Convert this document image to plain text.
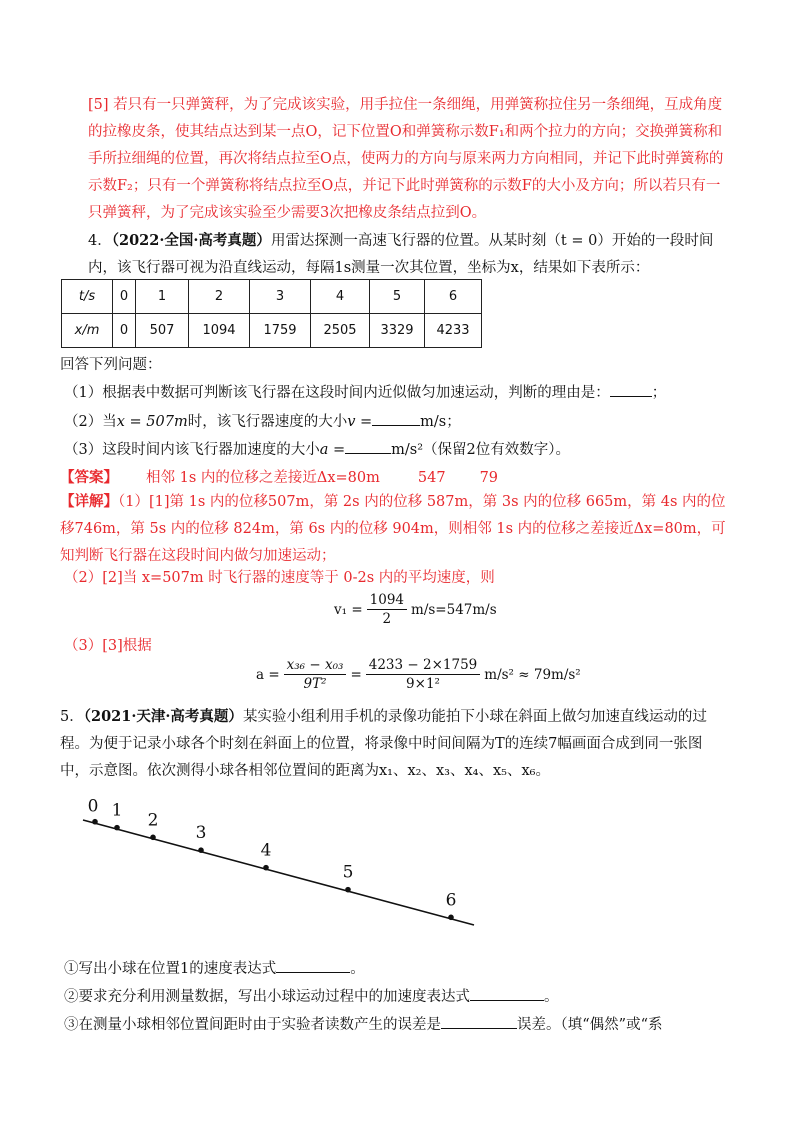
[5] 若只有一只弹簧秤，为了完成该实验，用手拉住一条细绳，用弹簧称拉住另一条细绳，互成角度的拉橡皮条，使其结点达到某一点O，记下位置O和弹簧称示数F₁和两个拉力的方向；交换弹簧称和手所拉细绳的位置，再次将结点拉至O点，使两力的方向与原来两力方向相同，并记下此时弹簧称的示数F₂；只有一个弹簧称将结点拉至O点，并记下此时弹簧称的示数F的大小及方向；所以若只有一只弹簧秤，为了完成该实验至少需要3次把橡皮条结点拉到O。
4．（2022·全国·高考真题）用雷达探测一高速飞行器的位置。从某时刻（t = 0）开始的一段时间内，该飞行器可视为沿直线运动，每隔1s测量一次其位置，坐标为x，结果如下表所示：
t/s	0	1	2	3	4	5	6
x/m	0	507	1094	1759	2505	3329	4233
回答下列问题：
（1）根据表中数据可判断该飞行器在这段时间内近似做匀加速运动，判断的理由是：	；
（2）当x = 507m时，该飞行器速度的大小v =	m/s；
（3）这段时间内该飞行器加速度的大小a =	m/s²（保留2位有效数字）。
【答案】 相邻 1s 内的位移之差接近Δx=80m	547 79
【详解】（1）[1]第 1s 内的位移507m，第 2s 内的位移 587m，第 3s 内的位移 665m，第 4s 内的位移746m，第 5s 内的位移 824m，第 6s 内的位移 904m，则相邻 1s 内的位移之差接近Δx=80m，可知判断飞行器在这段时间内做匀加速运动；
（2）[2]当 x=507m 时飞行器的速度等于 0-2s 内的平均速度，则
$v_1 = \frac{1094}{2} m/s=547m/s$
（3）[3]根据
$a = \frac{\text{x₃₆ − x₀₃}}{\text{9T²}} = \frac{4233 - 2\times 1759}{\text{9×1²}} m/s^2 \approx 79m/s^2$
5．（2021·天津·高考真题）某实验小组利用手机的录像功能拍下小球在斜面上做匀加速直线运动的过程。为便于记录小球各个时刻在斜面上的位置，将录像中时间间隔为T的连续7幅画面合成到同一张图中，示意图。依次测得小球各相邻位置间的距离为x₁、x₂、x₃、x₄、x₅、x₆。
0 1 2
3
4
5
6
①写出小球在位置1的速度表达式	。
②要求充分利用测量数据，写出小球运动过程中的加速度表达式	。
③在测量小球相邻位置间距时由于实验者读数产生的误差是	误差。（填“偶然”或“系
